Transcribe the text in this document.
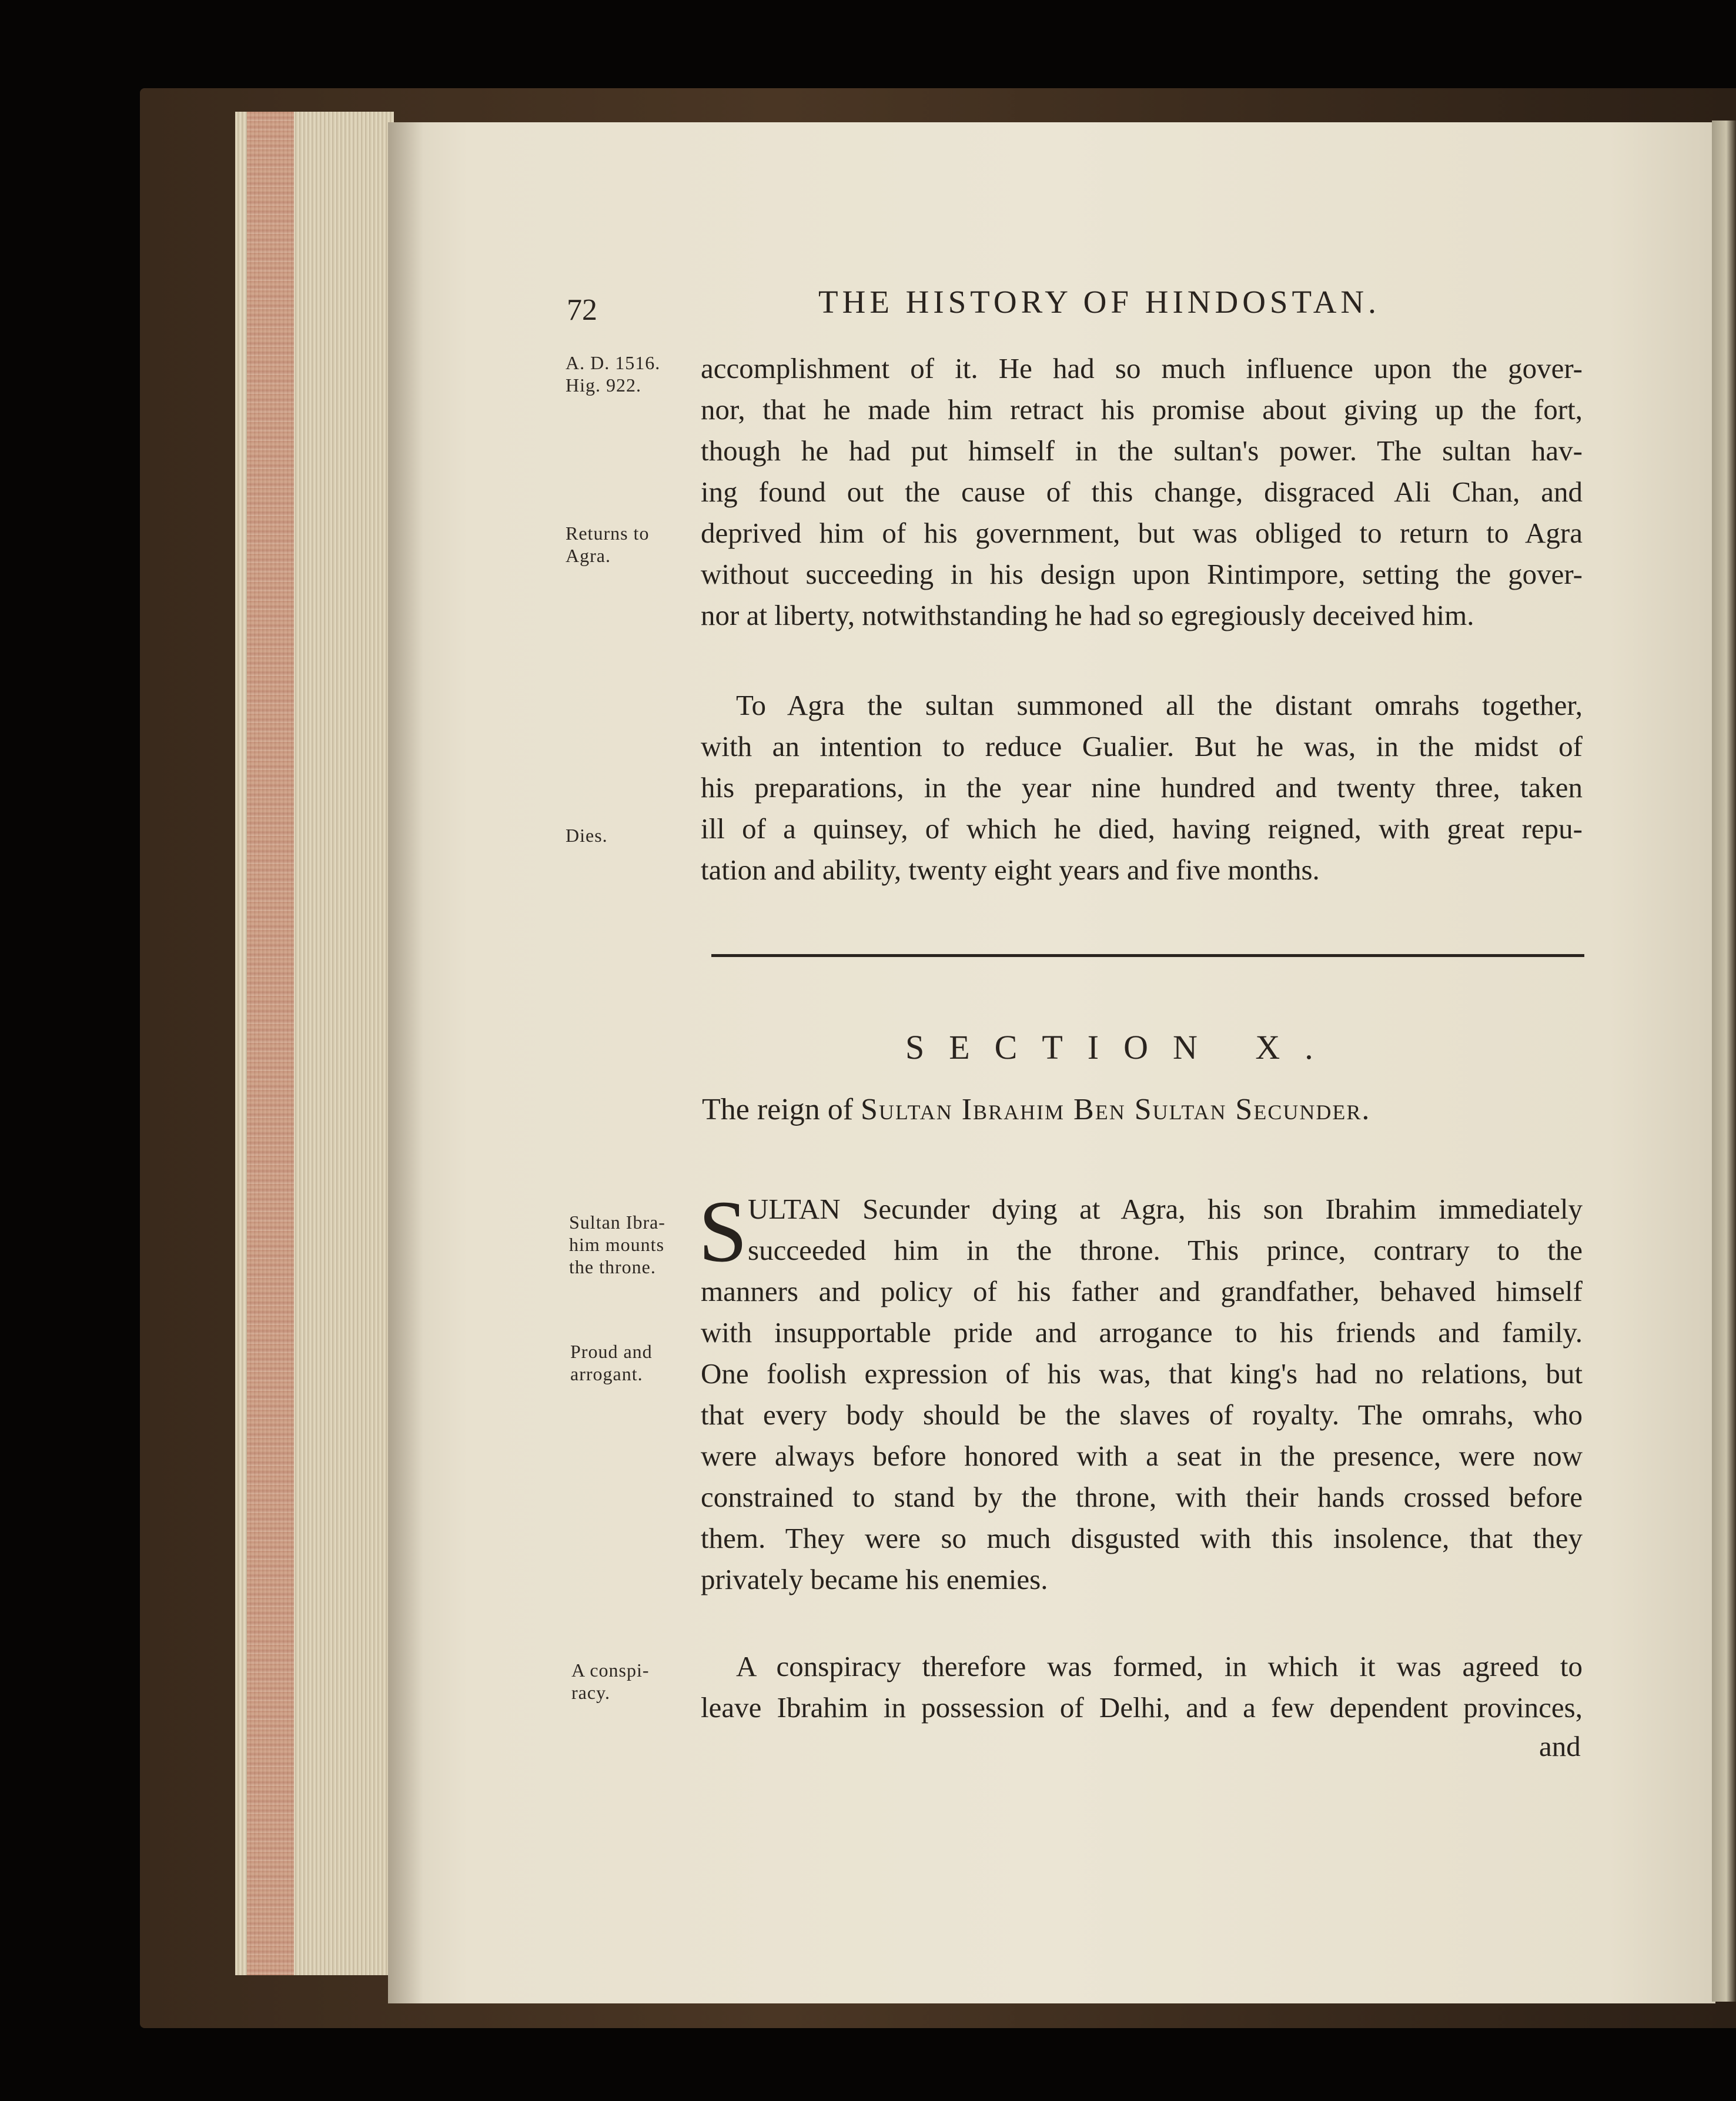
72	THE HISTORY OF HINDOSTAN.
A. D. 1516.
Hig. 922.
Returns to
Agra.
Dies.
Sultan Ibra-
him mounts
the throne.
Proud and
arrogant.
A conspi-
racy.
accomplishment of it. He had so much influence upon the gover-
nor, that he made him retract his promise about giving up the fort,
though he had put himself in the sultan's power. The sultan hav-
ing found out the cause of this change, disgraced Ali Chan, and
deprived him of his government, but was obliged to return to Agra
without succeeding in his design upon Rintimpore, setting the gover-
nor at liberty, notwithstanding he had so egregiously deceived him.
To Agra the sultan summoned all the distant omrahs together,
with an intention to reduce Gualier. But he was, in the midst of
his preparations, in the year nine hundred and twenty three, taken
ill of a quinsey, of which he died, having reigned, with great repu-
tation and ability, twenty eight years and five months.
SECTION X.
The reign of Sultan Ibrahim Ben Sultan Secunder.
S ULTAN Secunder dying at Agra, his son Ibrahim immediately
succeeded him in the throne. This prince, contrary to the
manners and policy of his father and grandfather, behaved himself
with insupportable pride and arrogance to his friends and family.
One foolish expression of his was, that king's had no relations, but
that every body should be the slaves of royalty. The omrahs, who
were always before honored with a seat in the presence, were now
constrained to stand by the throne, with their hands crossed before
them. They were so much disgusted with this insolence, that they
privately became his enemies.
A conspiracy therefore was formed, in which it was agreed to
leave Ibrahim in possession of Delhi, and a few dependent provinces,
and
